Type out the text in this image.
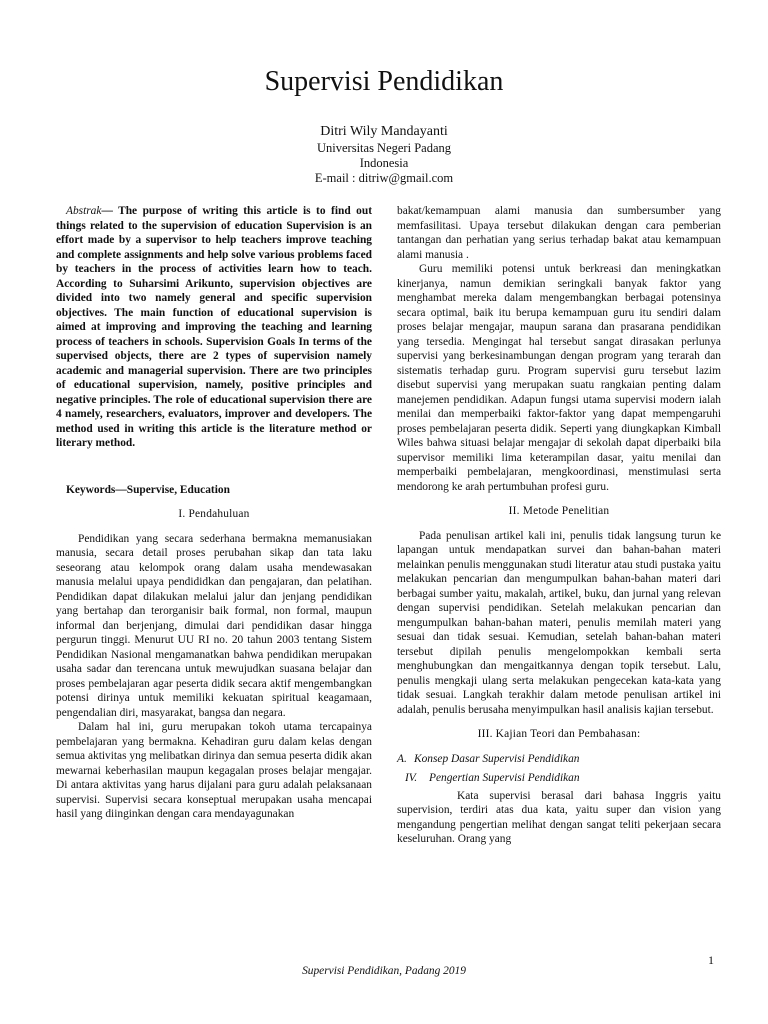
Supervisi Pendidikan
Ditri Wily Mandayanti
Universitas Negeri Padang
Indonesia
E-mail : ditriw@gmail.com

Abstrak— The purpose of writing this article is to find out things related to the supervision of education Supervision is an effort made by a supervisor to help teachers improve teaching and complete assignments and help solve various problems faced by teachers in the process of activities learn how to teach. According to Suharsimi Arikunto, supervision objectives are divided into two namely general and specific supervision objectives. The main function of educational supervision is aimed at improving and improving the teaching and learning process of teachers in schools. Supervision Goals In terms of the supervised objects, there are 2 types of supervision namely academic and managerial supervision. There are two principles of educational supervision, namely, positive principles and negative principles. The role of educational supervision there are 4 namely, researchers, evaluators, improver and developers. The method used in writing this article is the literature method or literary method.

Keywords—Supervise, Education

I. Pendahuluan

Pendidikan yang secara sederhana bermakna memanusiakan manusia, secara detail proses perubahan sikap dan tata laku seseorang atau kelompok orang dalam usaha mendewasakan manusia melalui upaya pendididkan dan pengajaran, dan pelatihan. Pendidikan dapat dilakukan melalui jalur dan jenjang pendidikan yang bertahap dan terorganisir baik formal, non formal, maupun informal dan berjenjang, dimulai dari pendidikan dasar hingga pergurun tinggi. Menurut UU RI no. 20 tahun 2003 tentang Sistem Pendidikan Nasional mengamanatkan bahwa pendidikan merupakan usaha sadar dan terencana untuk mewujudkan suasana belajar dan proses pembelajaran agar peserta didik secara aktif mengembangkan potensi dirinya untuk memiliki kekuatan spiritual keagamaan, pengendalian diri, masyarakat, bangsa dan negara.

Dalam hal ini, guru merupakan tokoh utama tercapainya pembelajaran yang bermakna. Kehadiran guru dalam kelas dengan semua aktivitas yng melibatkan dirinya dan semua peserta didik akan mewarnai keberhasilan maupun kegagalan proses belajar mengajar. Di antara aktivitas yang harus dijalani para guru adalah pelaksanaan supervisi. Supervisi secara konseptual merupakan usaha mencapai hasil yang diinginkan dengan cara mendayagunakan

bakat/kemampuan alami manusia dan sumbersumber yang memfasilitasi. Upaya tersebut dilakukan dengan cara pemberian tantangan dan perhatian yang serius terhadap bakat atau kemampuan alami manusia .

Guru memiliki potensi untuk berkreasi dan meningkatkan kinerjanya, namun demikian seringkali banyak faktor yang menghambat mereka dalam mengembangkan berbagai potensinya secara optimal, baik itu berupa kemampuan guru itu sendiri dalam proses belajar mengajar, maupun sarana dan prasarana pendidikan yang tersedia. Mengingat hal tersebut sangat dirasakan perlunya supervisi yang berkesinambungan dengan program yang terarah dan sistematis terhadap guru. Program supervisi guru tersebut lazim disebut supervisi yang merupakan suatu rangkaian penting dalam manejemen pendidikan. Adapun fungsi utama supervisi modern ialah menilai dan memperbaiki faktor-faktor yang dapat mempengaruhi proses pembelajaran peserta didik. Seperti yang diungkapkan Kimball Wiles bahwa situasi belajar mengajar di sekolah dapat diperbaiki bila supervisor memiliki lima keterampilan dasar, yaitu menilai dan memperbaiki pembelajaran, mengkoordinasi, menstimulasi serta mendorong ke arah pertumbuhan profesi guru.

II. Metode Penelitian

Pada penulisan artikel kali ini, penulis tidak langsung turun ke lapangan untuk mendapatkan survei dan bahan-bahan materi melainkan penulis menggunakan studi literatur atau studi pustaka yaitu melakukan pencarian dan mengumpulkan bahan-bahan materi dari berbagai sumber yaitu, makalah, artikel, buku, dan jurnal yang relevan dengan supervisi pendidikan. Setelah melakukan pencarian dan mengumpulkan bahan-bahan materi, penulis memilah materi yang sesuai dan tidak sesuai. Kemudian, setelah bahan-bahan materi tersebut dipilah penulis mengelompokkan kembali serta menghubungkan dan mengaitkannya dengan topik tersebut. Lalu, penulis mengkaji ulang serta melakukan pengecekan kata-kata yang tidak sesuai. Langkah terakhir dalam metode penulisan artikel ini adalah, penulis berusaha menyimpulkan hasil analisis kajian tersebut.

III. Kajian Teori dan Pembahasan:
A. Konsep Dasar Supervisi Pendidikan
IV. Pengertian Supervisi Pendidikan

Kata supervisi berasal dari bahasa Inggris yaitu supervision, terdiri atas dua kata, yaitu super dan vision yang mengandung pengertian melihat dengan sangat teliti pekerjaan secara keseluruhan. Orang yang

1
Supervisi Pendidikan, Padang 2019
